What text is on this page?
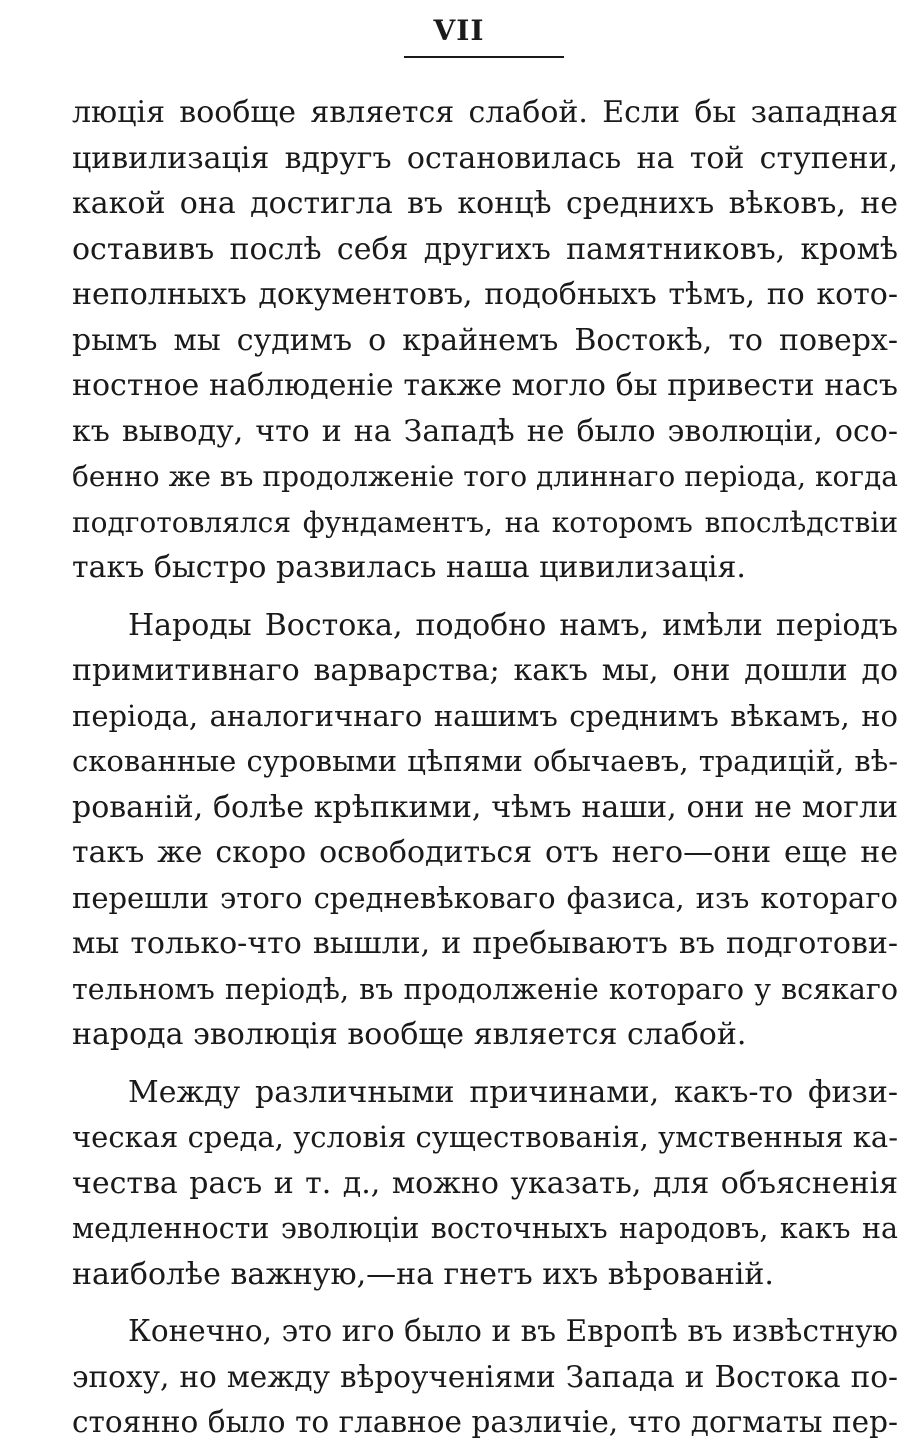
VII
люція вообще является слабой. Если бы западная
цивилизація вдругъ остановилась на той ступени,
какой она достигла въ концѣ среднихъ вѣковъ, не
оставивъ послѣ себя другихъ памятниковъ, кромѣ
неполныхъ документовъ, подобныхъ тѣмъ, по кото-
рымъ мы судимъ о крайнемъ Востокѣ, то поверх-
ностное наблюденіе также могло бы привести насъ
къ выводу, что и на Западѣ не было эволюціи, осо-
бенно же въ продолженіе того длиннаго періода, когда
подготовлялся фундаментъ, на которомъ впослѣдствіи
такъ быстро развилась наша цивилизація.
Народы Востока, подобно намъ, имѣли періодъ
примитивнаго варварства; какъ мы, они дошли до
періода, аналогичнаго нашимъ среднимъ вѣкамъ, но
скованные суровыми цѣпями обычаевъ, традицій, вѣ-
рованій, болѣе крѣпкими, чѣмъ наши, они не могли
такъ же скоро освободиться отъ него—они еще не
перешли этого средневѣковаго фазиса, изъ котораго
мы только-что вышли, и пребываютъ въ подготови-
тельномъ періодѣ, въ продолженіе котораго у всякаго
народа эволюція вообще является слабой.
Между различными причинами, какъ-то физи-
ческая среда, условія существованія, умственныя ка-
чества расъ и т. д., можно указать, для объясненія
медленности эволюціи восточныхъ народовъ, какъ на
наиболѣе важную,—на гнетъ ихъ вѣрованій.
Конечно, это иго было и въ Европѣ въ извѣстную
эпоху, но между вѣроученіями Запада и Востока по-
стоянно было то главное различіе, что догматы пер-
